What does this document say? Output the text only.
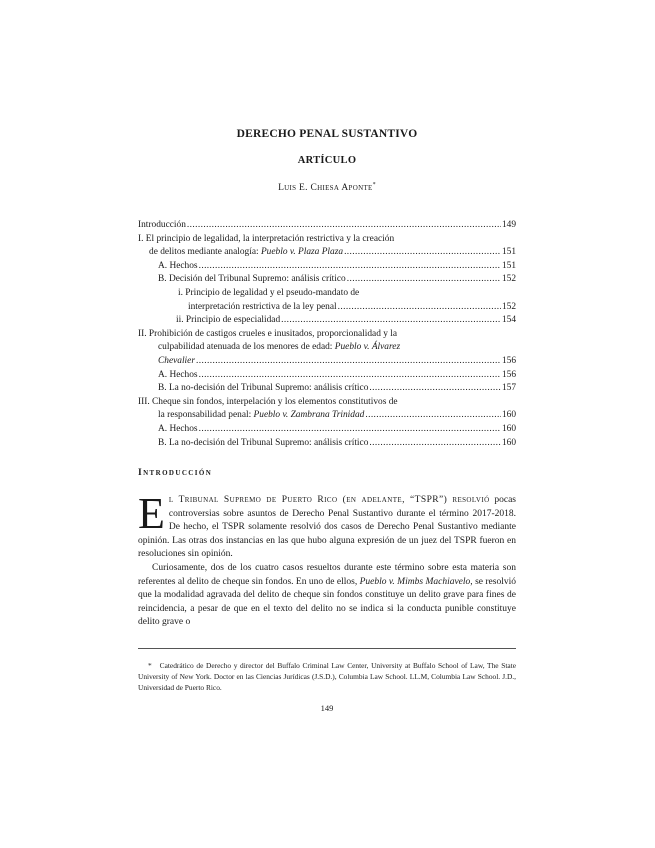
DERECHO PENAL SUSTANTIVO
ARTÍCULO
Luis E. Chiesa Aponte*
Introducción .....	149
I. El principio de legalidad, la interpretación restrictiva y la creación
de delitos mediante analogía: Pueblo v. Plaza Plaza .....	151
A. Hechos .....	151
B. Decisión del Tribunal Supremo: análisis crítico .....	152
i. Principio de legalidad y el pseudo-mandato de
interpretación restrictiva de la ley penal .....	152
ii. Principio de especialidad .....	154
II. Prohibición de castigos crueles e inusitados, proporcionalidad y la
culpabilidad atenuada de los menores de edad: Pueblo v. Álvarez
Chevalier .....	156
A. Hechos .....	156
B. La no-decisión del Tribunal Supremo: análisis crítico .....	157
III. Cheque sin fondos, interpelación y los elementos constitutivos de
la responsabilidad penal: Pueblo v. Zambrana Trinidad .....	160
A. Hechos .....	160
B. La no-decisión del Tribunal Supremo: análisis crítico .....	160
Introducción

El Tribunal Supremo de Puerto Rico (en adelante, “TSPR”) resolvió pocas controversias sobre asuntos de Derecho Penal Sustantivo durante el término 2017-2018. De hecho, el TSPR solamente resolvió dos casos de Derecho Penal Sustantivo mediante opinión. Las otras dos instancias en las que hubo alguna expresión de un juez del TSPR fueron en resoluciones sin opinión.

Curiosamente, dos de los cuatro casos resueltos durante este término sobre esta materia son referentes al delito de cheque sin fondos. En uno de ellos, Pueblo v. Mimbs Machiavelo, se resolvió que la modalidad agravada del delito de cheque sin fondos constituye un delito grave para fines de reincidencia, a pesar de que en el texto del delito no se indica si la conducta punible constituye delito grave o

* Catedrático de Derecho y director del Buffalo Criminal Law Center, University at Buffalo School of Law, The State University of New York. Doctor en las Ciencias Jurídicas (J.S.D.), Columbia Law School. LL.M, Columbia Law School. J.D., Universidad de Puerto Rico.
149
